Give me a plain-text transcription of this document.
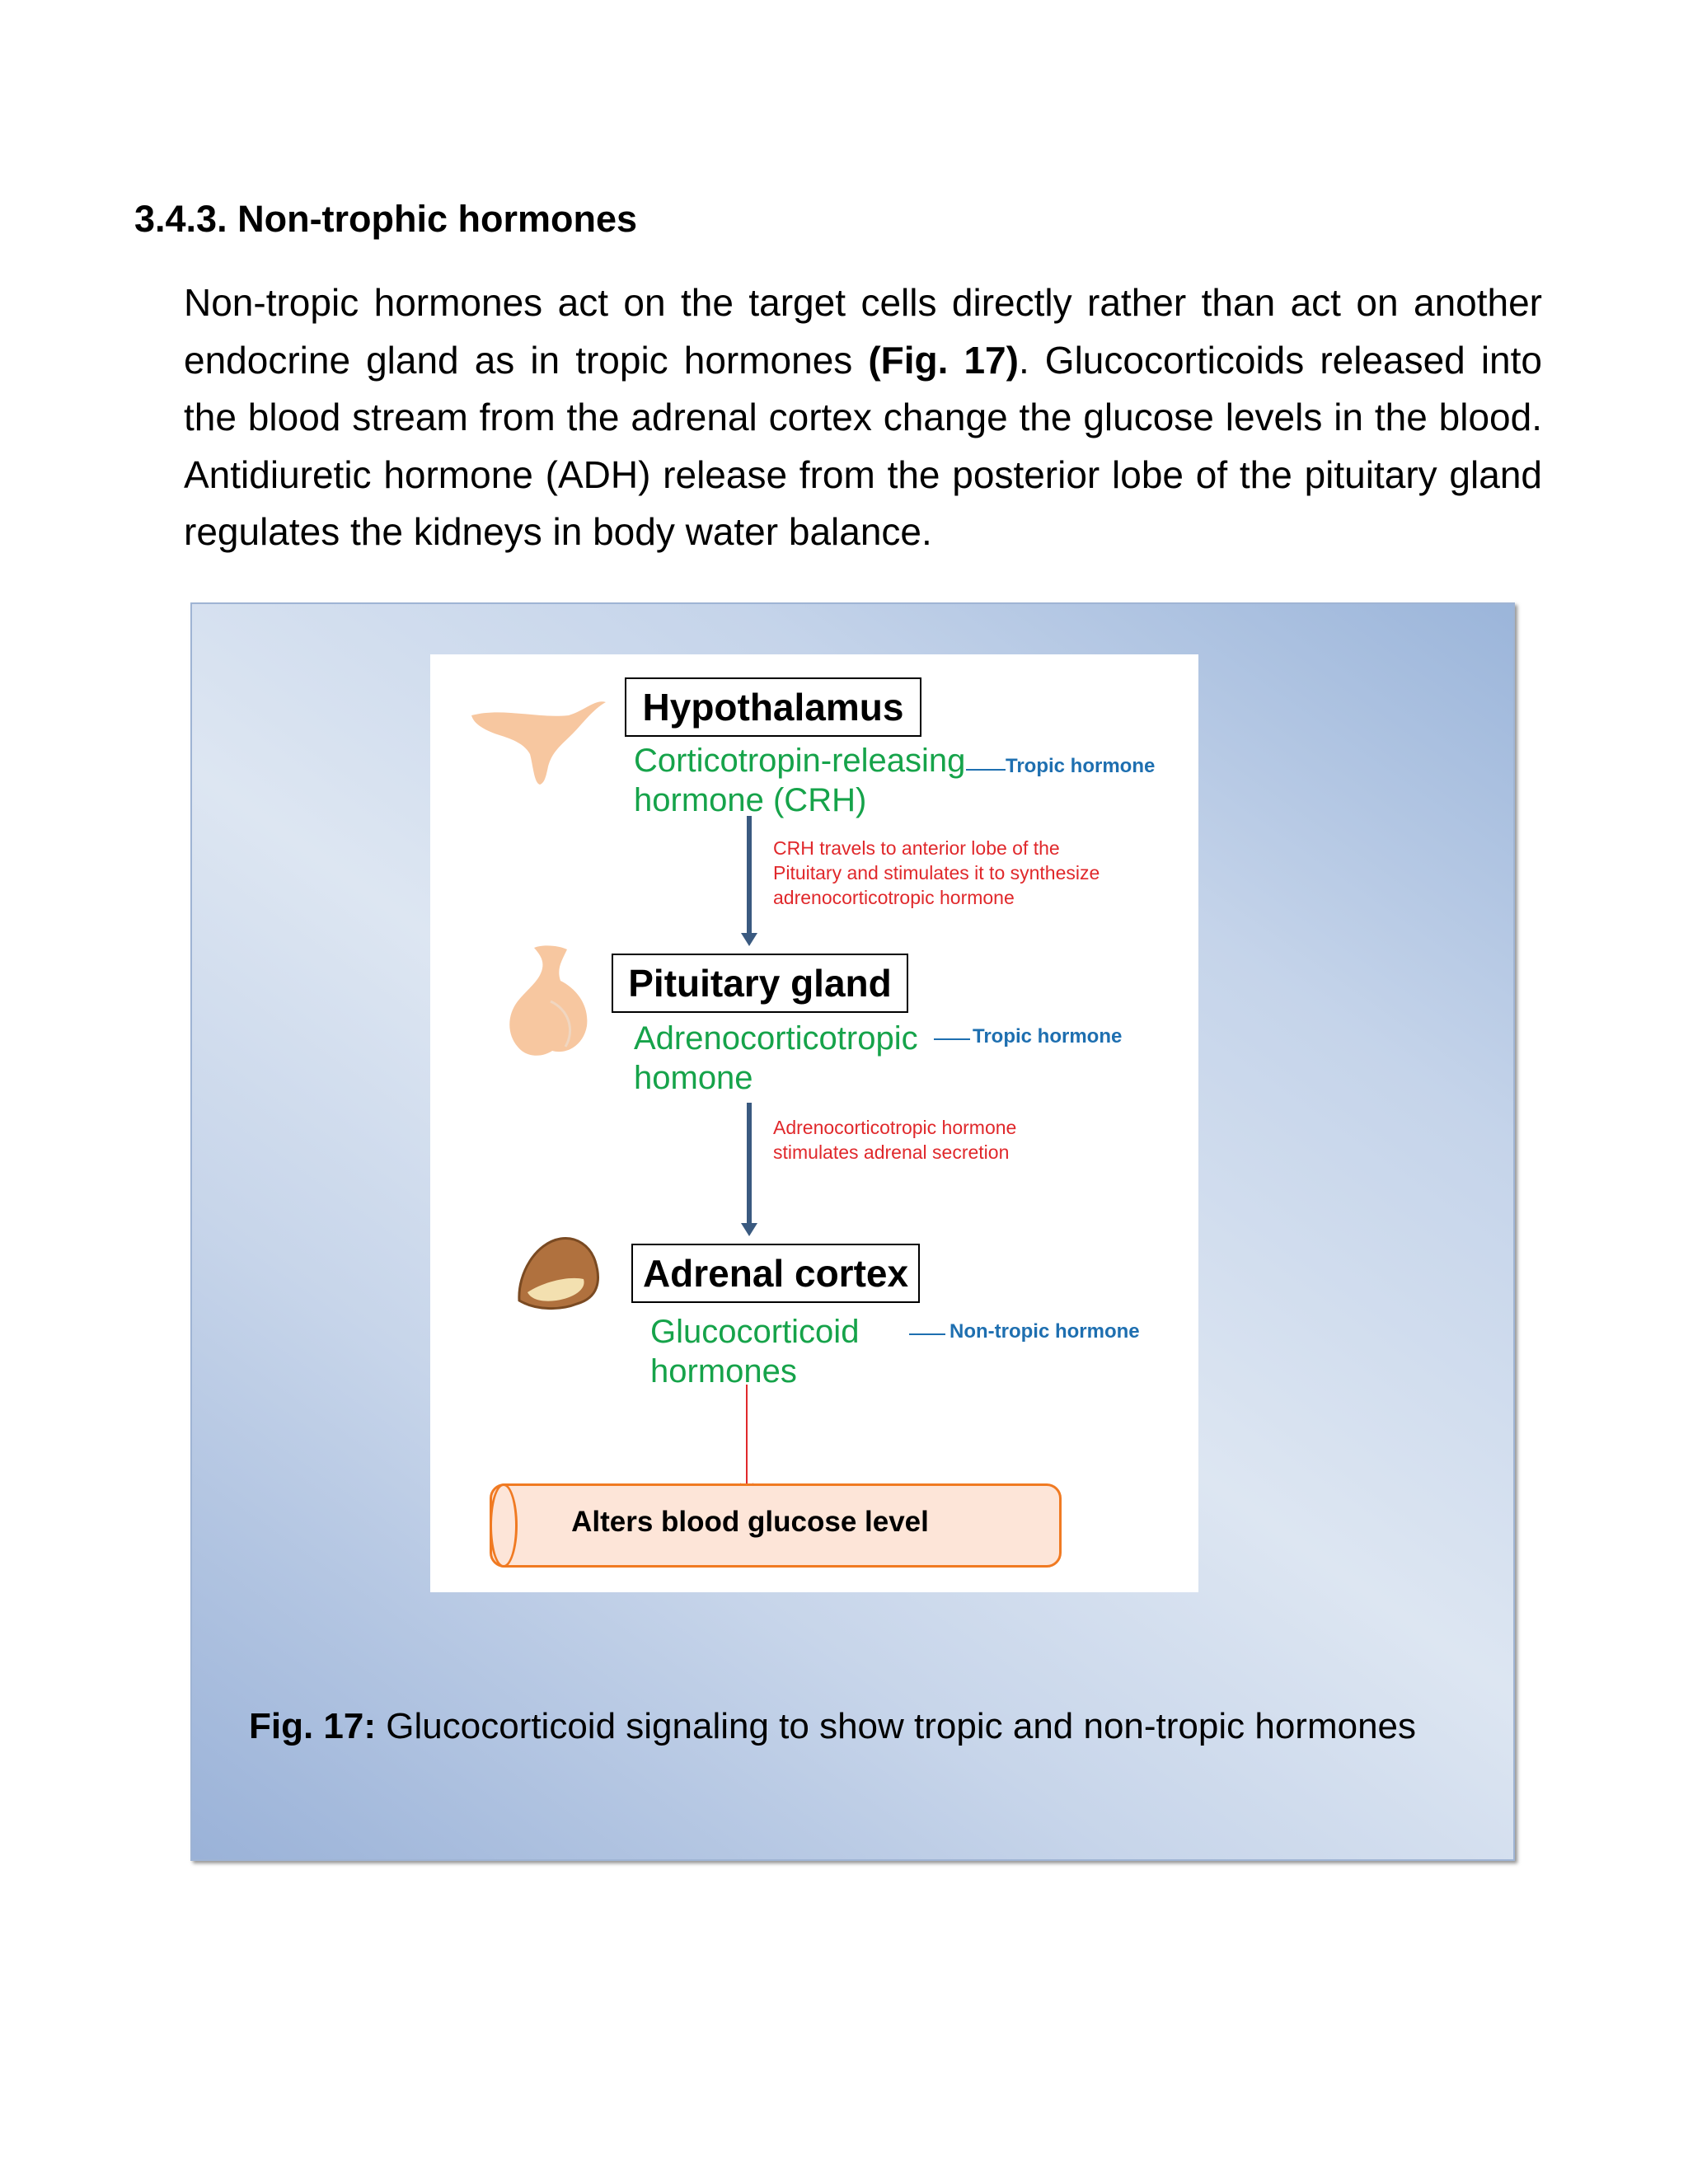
3.4.3. Non-trophic hormones

Non-tropic hormones act on the target cells directly rather than act on another endocrine gland as in tropic hormones (Fig. 17). Glucocorticoids released into the blood stream from the adrenal cortex change the glucose levels in the blood. Antidiuretic hormone (ADH) release from the posterior lobe of the pituitary gland regulates the kidneys in body water balance.

Hypothalamus
Corticotropin-releasing
hormone (CRH)
Tropic hormone
CRH travels to anterior lobe of the
Pituitary and stimulates it to synthesize
adrenocorticotropic hormone
Pituitary gland
Adrenocorticotropic
homone
Tropic hormone
Adrenocorticotropic hormone
stimulates adrenal secretion
Adrenal cortex
Glucocorticoid
hormones
Non-tropic hormone
Alters blood glucose level

Fig. 17: Glucocorticoid signaling to show tropic and non-tropic hormones
